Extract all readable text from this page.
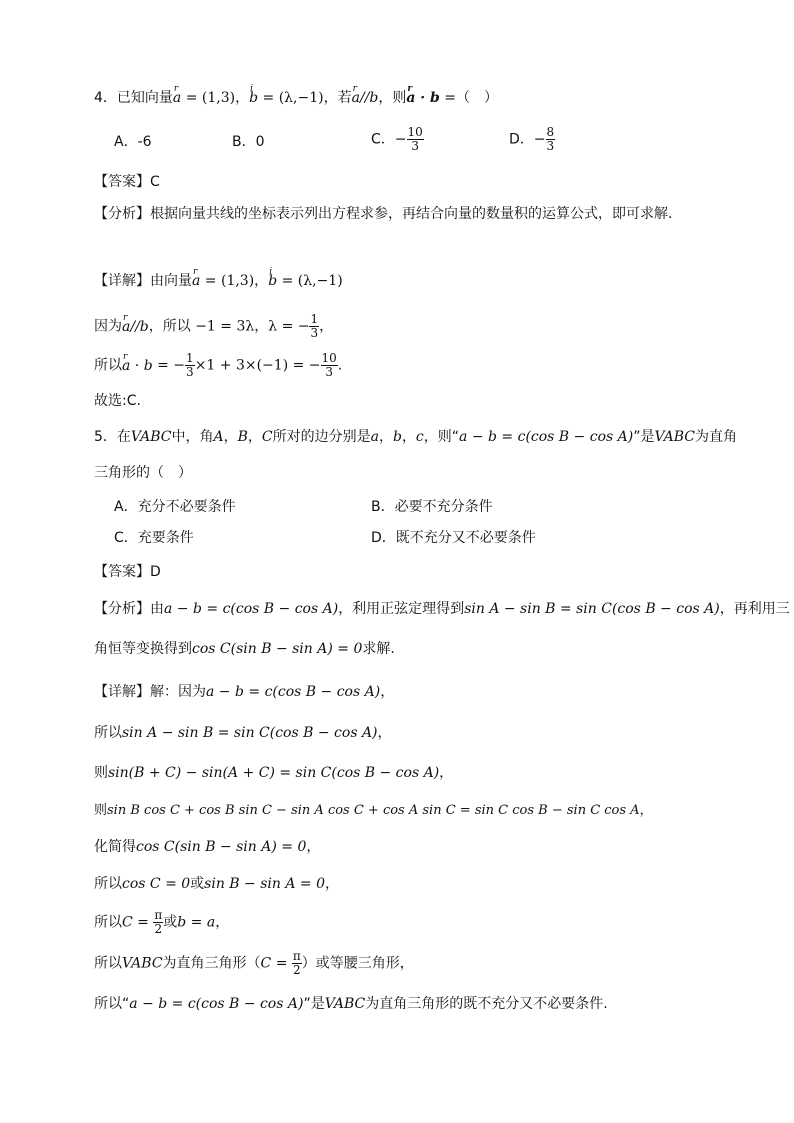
4．已知向量r a = (1,3)，i b = (λ,−1)，若r a//b，则r a · b =（　）
A．-6	B．0	C．− $\frac{10}{3}$	D．− $\frac{8}{3}$
【答案】C
【分析】根据向量共线的坐标表示列出方程求参，再结合向量的数量积的运算公式，即可求解.
【详解】由向量r a = (1,3)，i b = (λ,−1)
因为r a//b，所以 −1 = 3λ，λ = − $\frac{1}{3}$ ，
所以r a · b = − $\frac{1}{3} \times 1 + 3\times(-1)$ = − $\frac{10}{3}$ .
故选:C.
5．在VABC中，角A，B，C所对的边分别是a，b，c，则“a − b = c(cos B − cos A)”是VABC为直角
三角形的（　）
A．充分不必要条件	B．必要不充分条件
C．充要条件	D．既不充分又不必要条件
【答案】D
【分析】由a − b = c(cos B − cos A)，利用正弦定理得到sin A − sin B = sin C(cos B − cos A)，再利用三
角恒等变换得到cos C(sin B − sin A) = 0求解.
【详解】解：因为a − b = c(cos B − cos A)，
所以sin A − sin B = sin C(cos B − cos A)，
则sin(B + C) − sin(A + C) = sin C(cos B − cos A)，
则sin B cos C + cos B sin C − sin A cos C + cos A sin C = sin C cos B − sin C cos A，
化简得cos C(sin B − sin A) = 0，
所以cos C = 0或sin B − sin A = 0，
所以$C = \frac{\pi}{2}$ 或b = a，
所以VABC为直角三角形（$C = \frac{\pi}{2}$ ）或等腰三角形，
所以“a − b = c(cos B − cos A)”是VABC为直角三角形的既不充分又不必要条件.
